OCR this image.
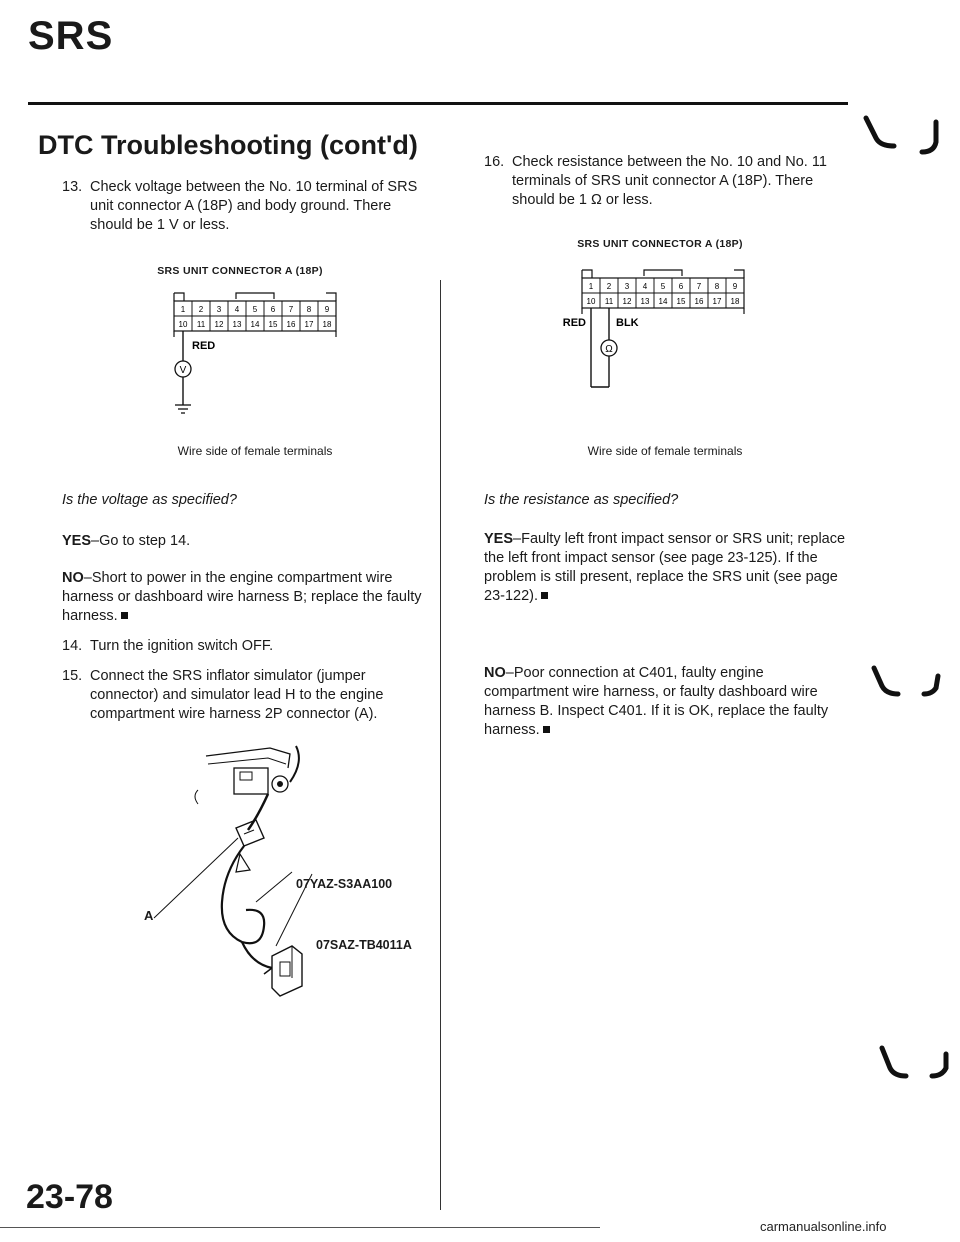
SRS
DTC Troubleshooting (cont'd)
13. Check voltage between the No. 10 terminal of SRS unit connector A (18P) and body ground. There should be 1 V or less.
SRS UNIT CONNECTOR A (18P)
1 2 3 4 5 6 7 8 9
10 11 12 13 14 15 16 17 18
RED
V
Wire side of female terminals
Is the voltage as specified?
YES–Go to step 14.
NO–Short to power in the engine compartment wire harness or dashboard wire harness B; replace the faulty harness.
14. Turn the ignition switch OFF.
15. Connect the SRS inflator simulator (jumper connector) and simulator lead H to the engine compartment wire harness 2P connector (A).
A
07YAZ-S3AA100
07SAZ-TB4011A
16. Check resistance between the No. 10 and No. 11 terminals of SRS unit connector A (18P). There should be 1 Ω or less.
SRS UNIT CONNECTOR A (18P)
1 2 3 4 5 6 7 8 9
10 11 12 13 14 15 16 17 18
RED	BLK
Ω
Wire side of female terminals
Is the resistance as specified?
YES–Faulty left front impact sensor or SRS unit; replace the left front impact sensor (see page 23-125). If the problem is still present, replace the SRS unit (see page 23-122).
NO–Poor connection at C401, faulty engine compartment wire harness, or faulty dashboard wire harness B. Inspect C401. If it is OK, replace the faulty harness.
23-78
carmanualsonline.info
